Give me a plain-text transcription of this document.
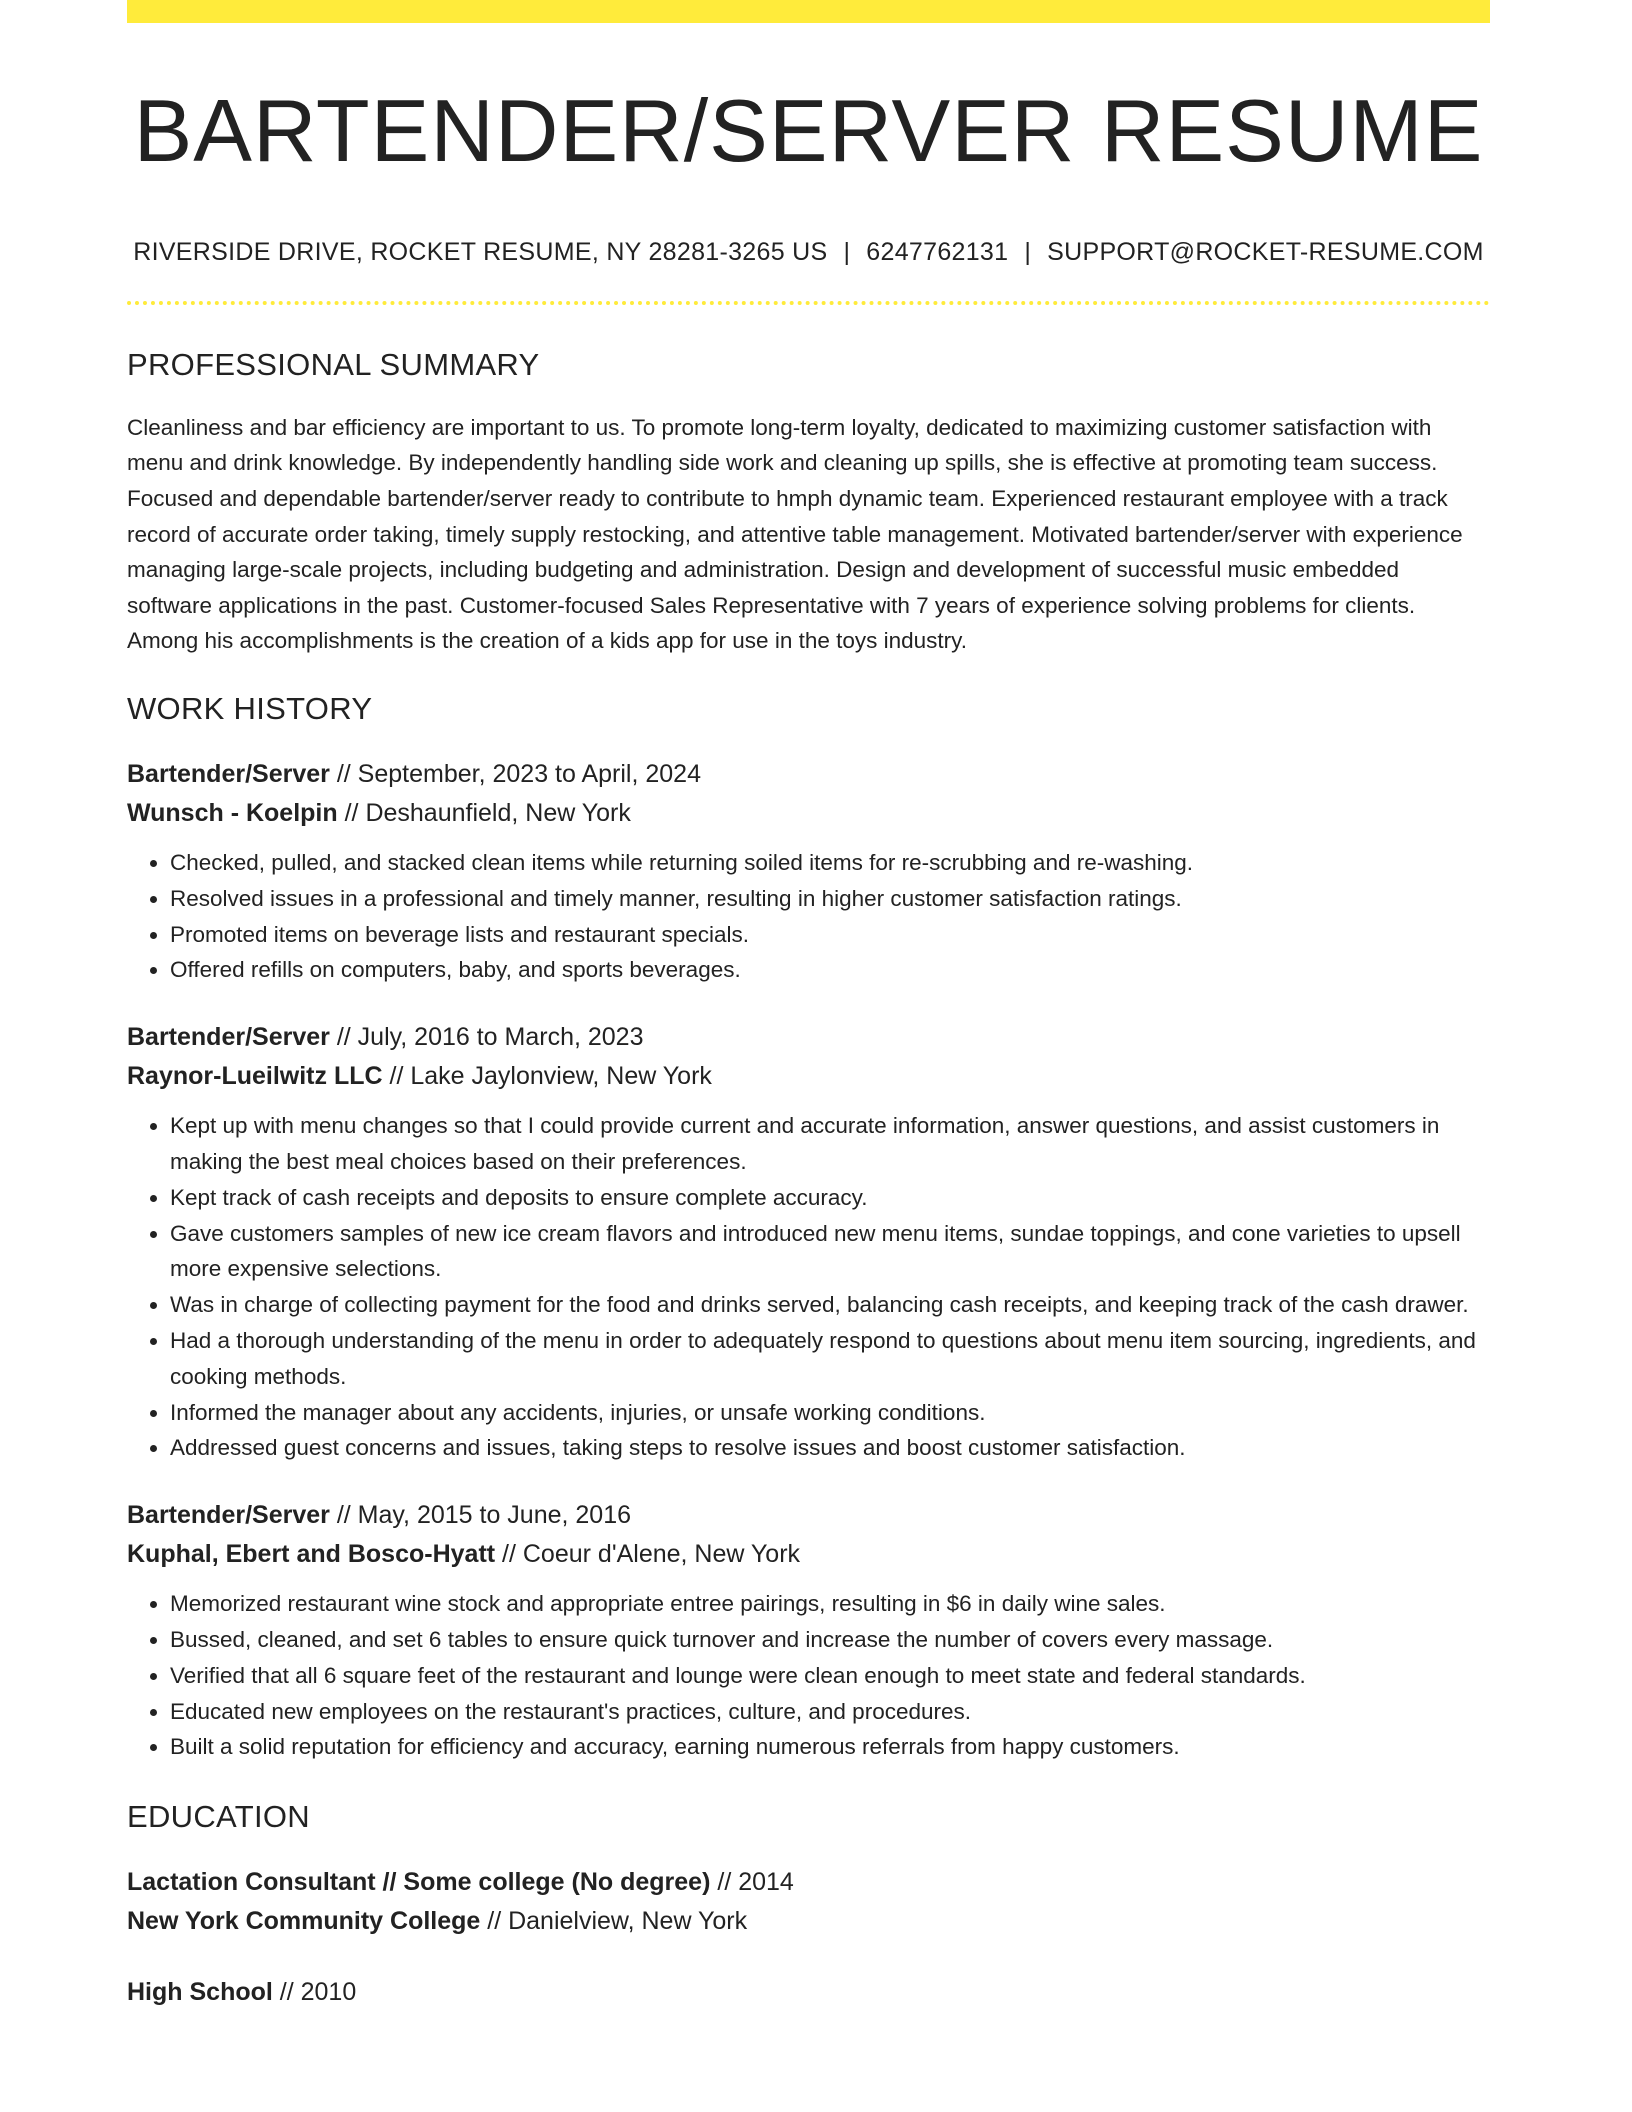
BARTENDER/SERVER RESUME
RIVERSIDE DRIVE, ROCKET RESUME, NY 28281-3265 US | 6247762131 | SUPPORT@ROCKET-RESUME.COM
PROFESSIONAL SUMMARY

Cleanliness and bar efficiency are important to us. To promote long-term loyalty, dedicated to maximizing customer satisfaction with menu and drink knowledge. By independently handling side work and cleaning up spills, she is effective at promoting team success. Focused and dependable bartender/server ready to contribute to hmph dynamic team. Experienced restaurant employee with a track record of accurate order taking, timely supply restocking, and attentive table management. Motivated bartender/server with experience managing large-scale projects, including budgeting and administration. Design and development of successful music embedded software applications in the past. Customer-focused Sales Representative with 7 years of experience solving problems for clients. Among his accomplishments is the creation of a kids app for use in the toys industry.

WORK HISTORY
Bartender/Server // September, 2023 to April, 2024
Wunsch - Koelpin // Deshaunfield, New York
• Checked, pulled, and stacked clean items while returning soiled items for re-scrubbing and re-washing.
• Resolved issues in a professional and timely manner, resulting in higher customer satisfaction ratings.
• Promoted items on beverage lists and restaurant specials.
• Offered refills on computers, baby, and sports beverages.
Bartender/Server // July, 2016 to March, 2023
Raynor-Lueilwitz LLC // Lake Jaylonview, New York
• Kept up with menu changes so that I could provide current and accurate information, answer questions, and assist customers in making the best meal choices based on their preferences.
• Kept track of cash receipts and deposits to ensure complete accuracy.
• Gave customers samples of new ice cream flavors and introduced new menu items, sundae toppings, and cone varieties to upsell more expensive selections.
• Was in charge of collecting payment for the food and drinks served, balancing cash receipts, and keeping track of the cash drawer.
• Had a thorough understanding of the menu in order to adequately respond to questions about menu item sourcing, ingredients, and cooking methods.
• Informed the manager about any accidents, injuries, or unsafe working conditions.
• Addressed guest concerns and issues, taking steps to resolve issues and boost customer satisfaction.
Bartender/Server // May, 2015 to June, 2016
Kuphal, Ebert and Bosco-Hyatt // Coeur d'Alene, New York
• Memorized restaurant wine stock and appropriate entree pairings, resulting in $6 in daily wine sales.
• Bussed, cleaned, and set 6 tables to ensure quick turnover and increase the number of covers every massage.
• Verified that all 6 square feet of the restaurant and lounge were clean enough to meet state and federal standards.
• Educated new employees on the restaurant's practices, culture, and procedures.
• Built a solid reputation for efficiency and accuracy, earning numerous referrals from happy customers.
EDUCATION
Lactation Consultant // Some college (No degree) // 2014
New York Community College // Danielview, New York
High School // 2010
